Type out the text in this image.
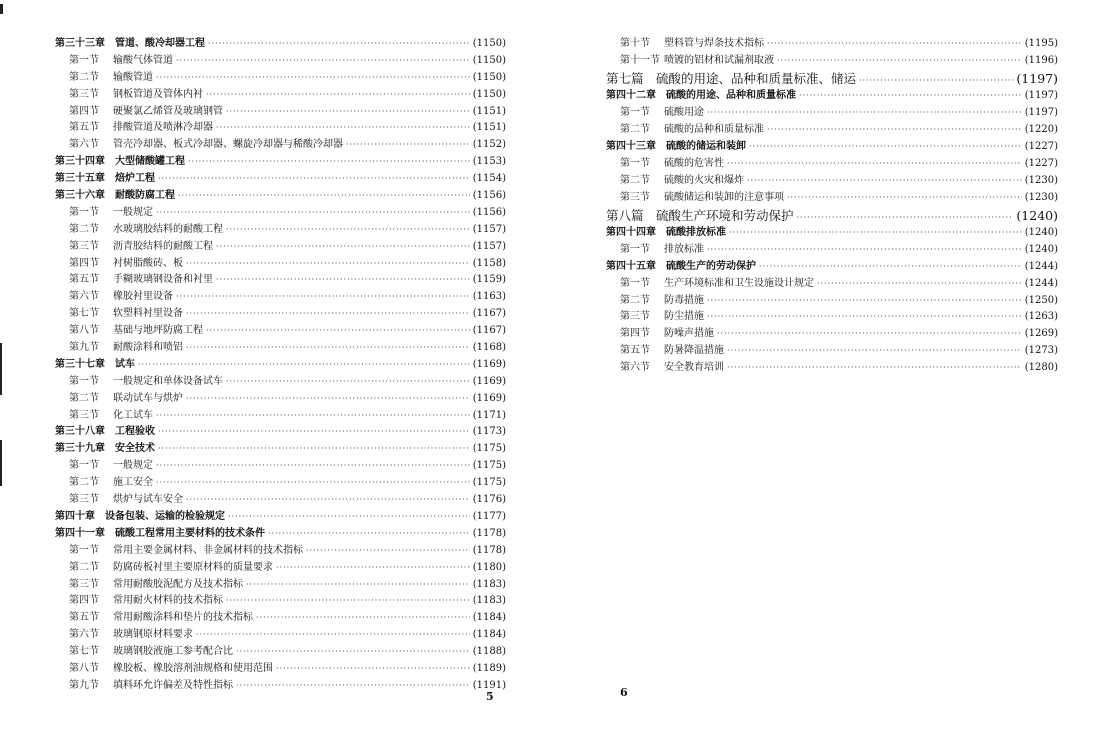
第三十三章　管道、酸冷却器工程 ·····	(1150)
第一节 输酸气体管道 ·····	(1150)
第二节 输酸管道 ·····	(1150)
第三节 钢板管道及管体内衬 ·····	(1150)
第四节 硬聚氯乙烯管及玻璃钢管 ·····	(1151)
第五节 排酸管道及喷淋冷却器 ·····	(1151)
第六节 管壳冷却器、板式冷却器、螺旋冷却器与稀酸冷却器 ·····	(1152)
第三十四章　大型储酸罐工程 ·····	(1153)
第三十五章　焙炉工程 ·····	(1154)
第三十六章　耐酸防腐工程 ·····	(1156)
第一节 一般规定 ·····	(1156)
第二节 水玻璃胶结料的耐酸工程 ·····	(1157)
第三节 沥青胶结料的耐酸工程 ·····	(1157)
第四节 衬树脂酸砖、板 ·····	(1158)
第五节 手糊玻璃钢设备和衬里 ·····	(1159)
第六节 橡胶衬里设备 ·····	(1163)
第七节 软塑料衬里设备 ·····	(1167)
第八节 基础与地坪防腐工程 ·····	(1167)
第九节 耐酸涂料和喷铝 ·····	(1168)
第三十七章　试车 ·····	(1169)
第一节 一般规定和单体设备试车 ·····	(1169)
第二节 联动试车与烘炉 ·····	(1169)
第三节 化工试车 ·····	(1171)
第三十八章　工程验收 ·····	(1173)
第三十九章　安全技术 ·····	(1175)
第一节 一般规定 ·····	(1175)
第二节 施工安全 ·····	(1175)
第三节 烘炉与试车安全 ·····	(1176)
第四十章　设备包装、运输的检验规定 ·····	(1177)
第四十一章　硫酸工程常用主要材料的技术条件 ·····	(1178)
第一节 常用主要金属材料、非金属材料的技术指标 ·····	(1178)
第二节 防腐砖板衬里主要原材料的质量要求 ·····	(1180)
第三节 常用耐酸胶泥配方及技术指标 ·····	(1183)
第四节 常用耐火材料的技术指标 ·····	(1183)
第五节 常用耐酸涂料和垫片的技术指标 ·····	(1184)
第六节 玻璃钢原材料要求 ·····	(1184)
第七节 玻璃钢胶液施工参考配合比 ·····	(1188)
第八节 橡胶板、橡胶溶剂油规格和使用范围 ·····	(1189)
第九节 填料环允许偏差及特性指标 ·····	(1191)
第十节 塑料管与焊条技术指标 ·····	(1195)
第十一节 喷镀的铝材和试漏剂取液 ·····	(1196)
第七篇　硫酸的用途、品种和质量标准、储运 ·····	(1197)
第四十二章　硫酸的用途、品种和质量标准 ·····	(1197)
第一节 硫酸用途 ·····	(1197)
第二节 硫酸的品种和质量标准 ·····	(1220)
第四十三章　硫酸的储运和装卸 ·····	(1227)
第一节 硫酸的危害性 ·····	(1227)
第二节 硫酸的火灾和爆炸 ·····	(1230)
第三节 硫酸储运和装卸的注意事项 ·····	(1230)
第八篇　硫酸生产环境和劳动保护 ·····	(1240)
第四十四章　硫酸排放标准 ·····	(1240)
第一节 排放标准 ·····	(1240)
第四十五章　硫酸生产的劳动保护 ·····	(1244)
第一节 生产环境标准和卫生设施设计规定 ·····	(1244)
第二节 防毒措施 ·····	(1250)
第三节 防尘措施 ·····	(1263)
第四节 防噪声措施 ·····	(1269)
第五节 防暑降温措施 ·····	(1273)
第六节 安全教育培训 ·····	(1280)
5	6
